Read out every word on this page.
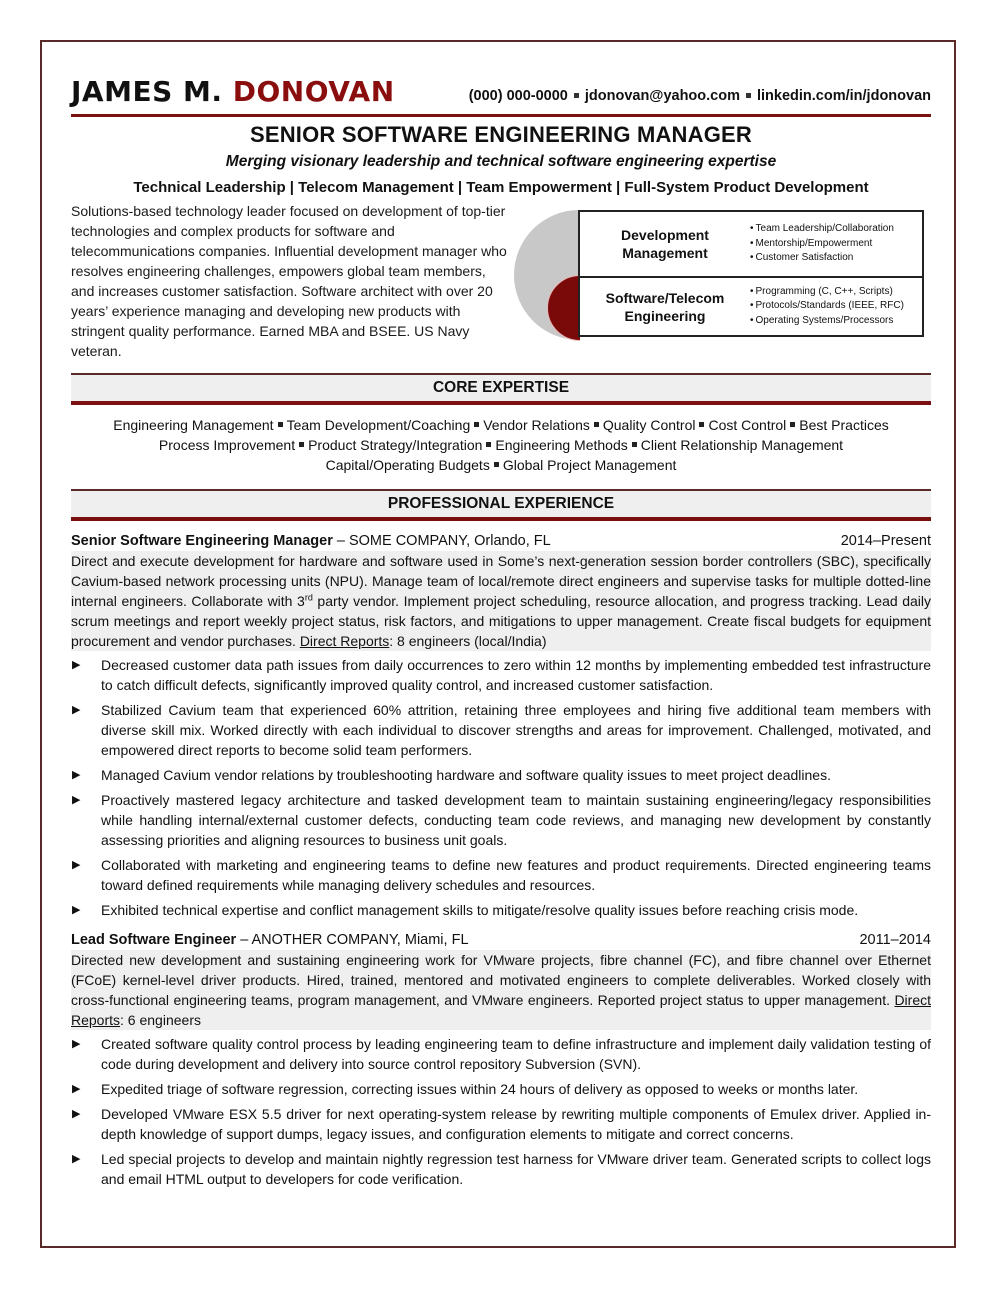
JAMES M. DONOVAN	(000) 000-0000 jdonovan@yahoo.com linkedin.com/in/jdonovan
SENIOR SOFTWARE ENGINEERING MANAGER
Merging visionary leadership and technical software engineering expertise
Technical Leadership | Telecom Management | Team Empowerment | Full-System Product Development
Solutions-based technology leader focused on development of top-tier technologies and complex products for software and telecommunications companies. Influential development manager who resolves engineering challenges, empowers global team members, and increases customer satisfaction. Software architect with over 20 years’ experience managing and developing new products with stringent quality performance. Earned MBA and BSEE. US Navy veteran.
Development Management
• Team Leadership/Collaboration
• Mentorship/Empowerment
• Customer Satisfaction
Software/Telecom Engineering
• Programming (C, C++, Scripts)
• Protocols/Standards (IEEE, RFC)
• Operating Systems/Processors
CORE EXPERTISE
Engineering Management Team Development/Coaching Vendor Relations Quality Control Cost Control Best Practices
Process Improvement Product Strategy/Integration Engineering Methods Client Relationship Management
Capital/Operating Budgets Global Project Management
PROFESSIONAL EXPERIENCE
Senior Software Engineering Manager – SOME COMPANY, Orlando, FL	2014–Present
Direct and execute development for hardware and software used in Some’s next-generation session border controllers (SBC), specifically Cavium-based network processing units (NPU). Manage team of local/remote direct engineers and supervise tasks for multiple dotted-line internal engineers. Collaborate with 3rd party vendor. Implement project scheduling, resource allocation, and progress tracking. Lead daily scrum meetings and report weekly project status, risk factors, and mitigations to upper management. Create fiscal budgets for equipment procurement and vendor purchases. Direct Reports: 8 engineers (local/India)
▶ Decreased customer data path issues from daily occurrences to zero within 12 months by implementing embedded test infrastructure to catch difficult defects, significantly improved quality control, and increased customer satisfaction.
▶ Stabilized Cavium team that experienced 60% attrition, retaining three employees and hiring five additional team members with diverse skill mix. Worked directly with each individual to discover strengths and areas for improvement. Challenged, motivated, and empowered direct reports to become solid team performers.
▶ Managed Cavium vendor relations by troubleshooting hardware and software quality issues to meet project deadlines.
▶ Proactively mastered legacy architecture and tasked development team to maintain sustaining engineering/legacy responsibilities while handling internal/external customer defects, conducting team code reviews, and managing new development by constantly assessing priorities and aligning resources to business unit goals.
▶ Collaborated with marketing and engineering teams to define new features and product requirements. Directed engineering teams toward defined requirements while managing delivery schedules and resources.
▶ Exhibited technical expertise and conflict management skills to mitigate/resolve quality issues before reaching crisis mode.
Lead Software Engineer – ANOTHER COMPANY, Miami, FL	2011–2014
Directed new development and sustaining engineering work for VMware projects, fibre channel (FC), and fibre channel over Ethernet (FCoE) kernel-level driver products. Hired, trained, mentored and motivated engineers to complete deliverables. Worked closely with cross-functional engineering teams, program management, and VMware engineers. Reported project status to upper management. Direct Reports: 6 engineers
▶ Created software quality control process by leading engineering team to define infrastructure and implement daily validation testing of code during development and delivery into source control repository Subversion (SVN).
▶ Expedited triage of software regression, correcting issues within 24 hours of delivery as opposed to weeks or months later.
▶ Developed VMware ESX 5.5 driver for next operating-system release by rewriting multiple components of Emulex driver. Applied in-depth knowledge of support dumps, legacy issues, and configuration elements to mitigate and correct concerns.
▶ Led special projects to develop and maintain nightly regression test harness for VMware driver team. Generated scripts to collect logs and email HTML output to developers for code verification.
